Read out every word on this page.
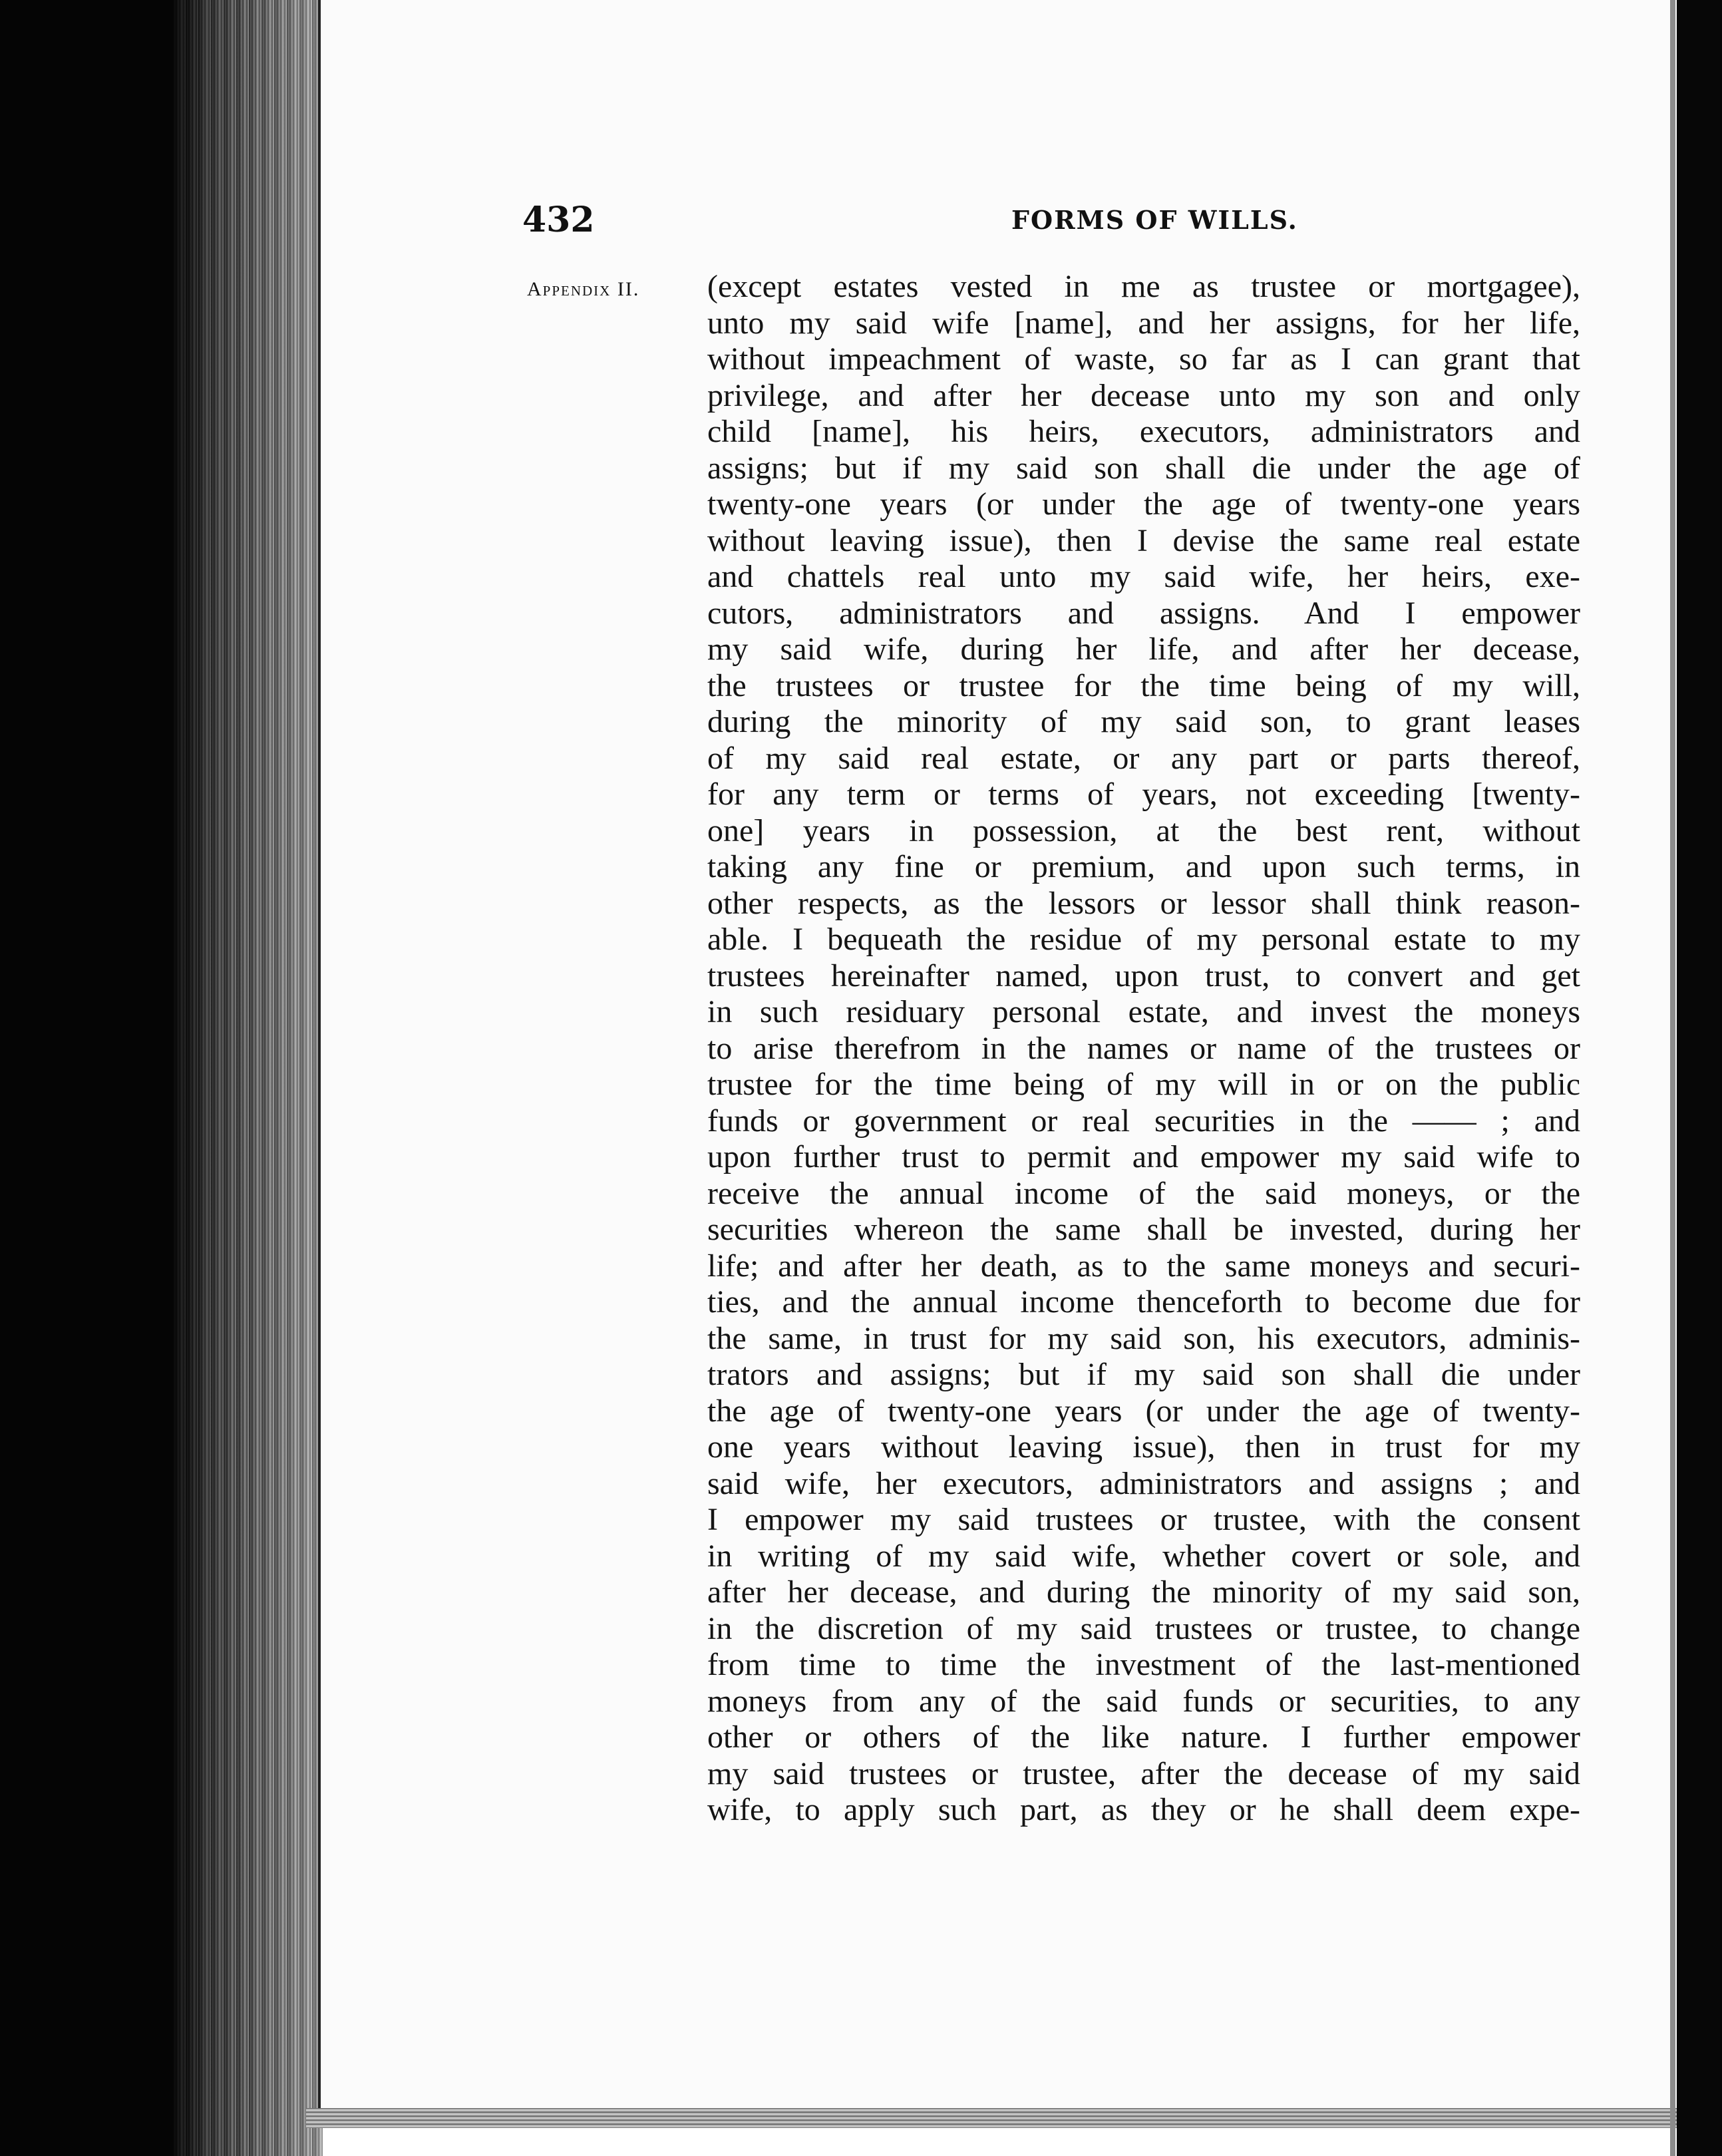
432	FORMS OF WILLS.
Appendix II. (except estates vested in me as trustee or mortgagee),
unto my said wife [name], and her assigns, for her life,
without impeachment of waste, so far as I can grant that
privilege, and after her decease unto my son and only
child [name], his heirs, executors, administrators and
assigns; but if my said son shall die under the age of
twenty-one years (or under the age of twenty-one years
without leaving issue), then I devise the same real estate
and chattels real unto my said wife, her heirs, exe-
cutors, administrators and assigns. And I empower
my said wife, during her life, and after her decease,
the trustees or trustee for the time being of my will,
during the minority of my said son, to grant leases
of my said real estate, or any part or parts thereof,
for any term or terms of years, not exceeding [twenty-
one] years in possession, at the best rent, without
taking any fine or premium, and upon such terms, in
other respects, as the lessors or lessor shall think reason-
able. I bequeath the residue of my personal estate to my
trustees hereinafter named, upon trust, to convert and get
in such residuary personal estate, and invest the moneys
to arise therefrom in the names or name of the trustees or
trustee for the time being of my will in or on the public
funds or government or real securities in the —— ; and
upon further trust to permit and empower my said wife to
receive the annual income of the said moneys, or the
securities whereon the same shall be invested, during her
life; and after her death, as to the same moneys and securi-
ties, and the annual income thenceforth to become due for
the same, in trust for my said son, his executors, adminis-
trators and assigns; but if my said son shall die under
the age of twenty-one years (or under the age of twenty-
one years without leaving issue), then in trust for my
said wife, her executors, administrators and assigns ; and
I empower my said trustees or trustee, with the consent
in writing of my said wife, whether covert or sole, and
after her decease, and during the minority of my said son,
in the discretion of my said trustees or trustee, to change
from time to time the investment of the last-mentioned
moneys from any of the said funds or securities, to any
other or others of the like nature. I further empower
my said trustees or trustee, after the decease of my said
wife, to apply such part, as they or he shall deem expe-
